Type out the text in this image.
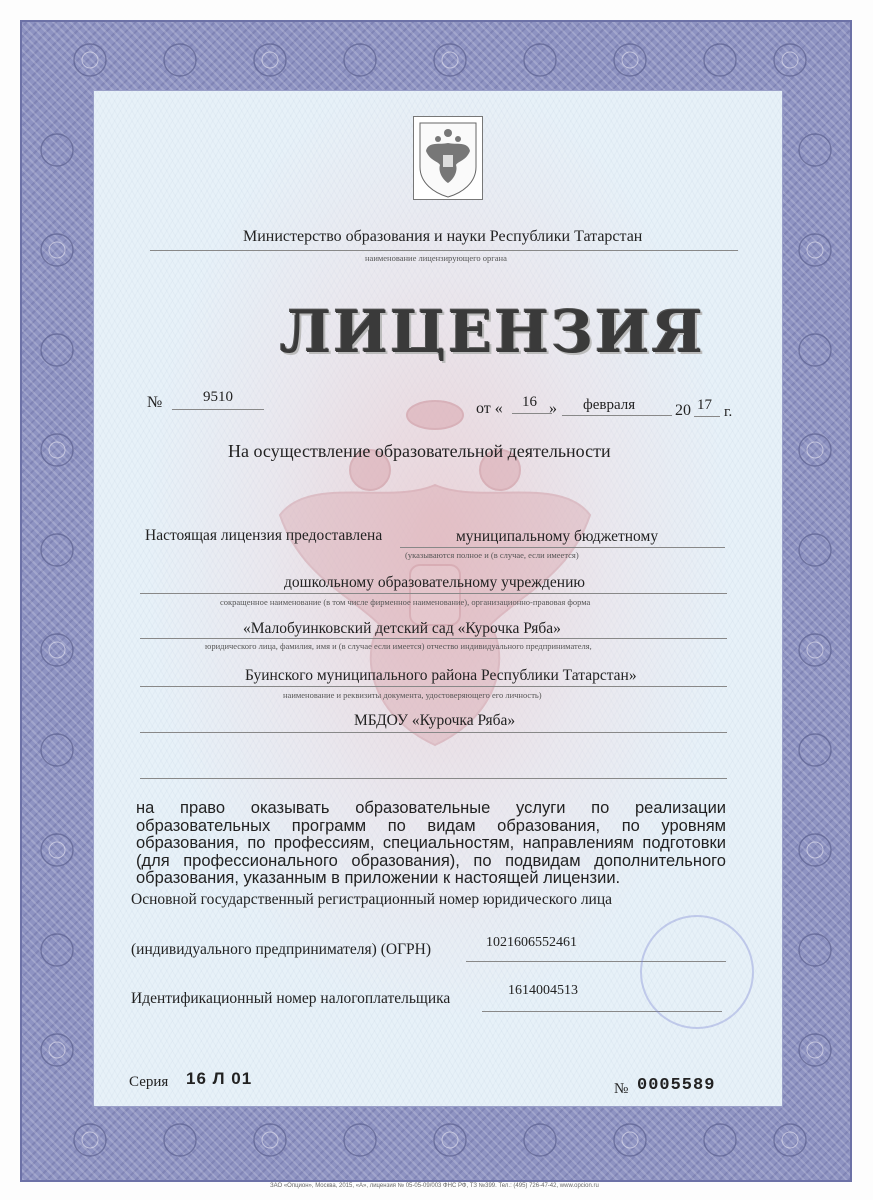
Министерство образования и науки Республики Татарстан
наименование лицензирующего органа
ЛИЦЕНЗИЯ
№	9510
от « 16 » февраля 20 17 г.
На осуществление образовательной деятельности
Настоящая лицензия предоставлена	муниципальному бюджетному
(указываются полное и (в случае, если имеется)
дошкольному образовательному учреждению
сокращенное наименование (в том числе фирменное наименование), организационно-правовая форма
«Малобуинковский детский сад «Курочка Ряба»
юридического лица, фамилия, имя и (в случае если имеется) отчество индивидуального предпринимателя,
Буинского муниципального района Республики Татарстан»
наименование и реквизиты документа, удостоверяющего его личность)
МБДОУ «Курочка Ряба»
на право оказывать образовательные услуги по реализации образовательных программ по видам образования, по уровням образования, по профессиям, специальностям, направлениям подготовки (для профессионального образования), по подвидам дополнительного образования, указанным в приложении к настоящей лицензии.
Основной государственный регистрационный номер юридического лица
(индивидуального предпринимателя) (ОГРН)	1021606552461
Идентификационный номер налогоплательщика	1614004513
Серия 16 Л 01
№ 0005589
ЗАО «Опцион», Москва, 2015, «А», лицензия № 05-05-09/003 ФНС РФ, ТЗ №399. Тел.: (495) 726-47-42, www.opcion.ru
